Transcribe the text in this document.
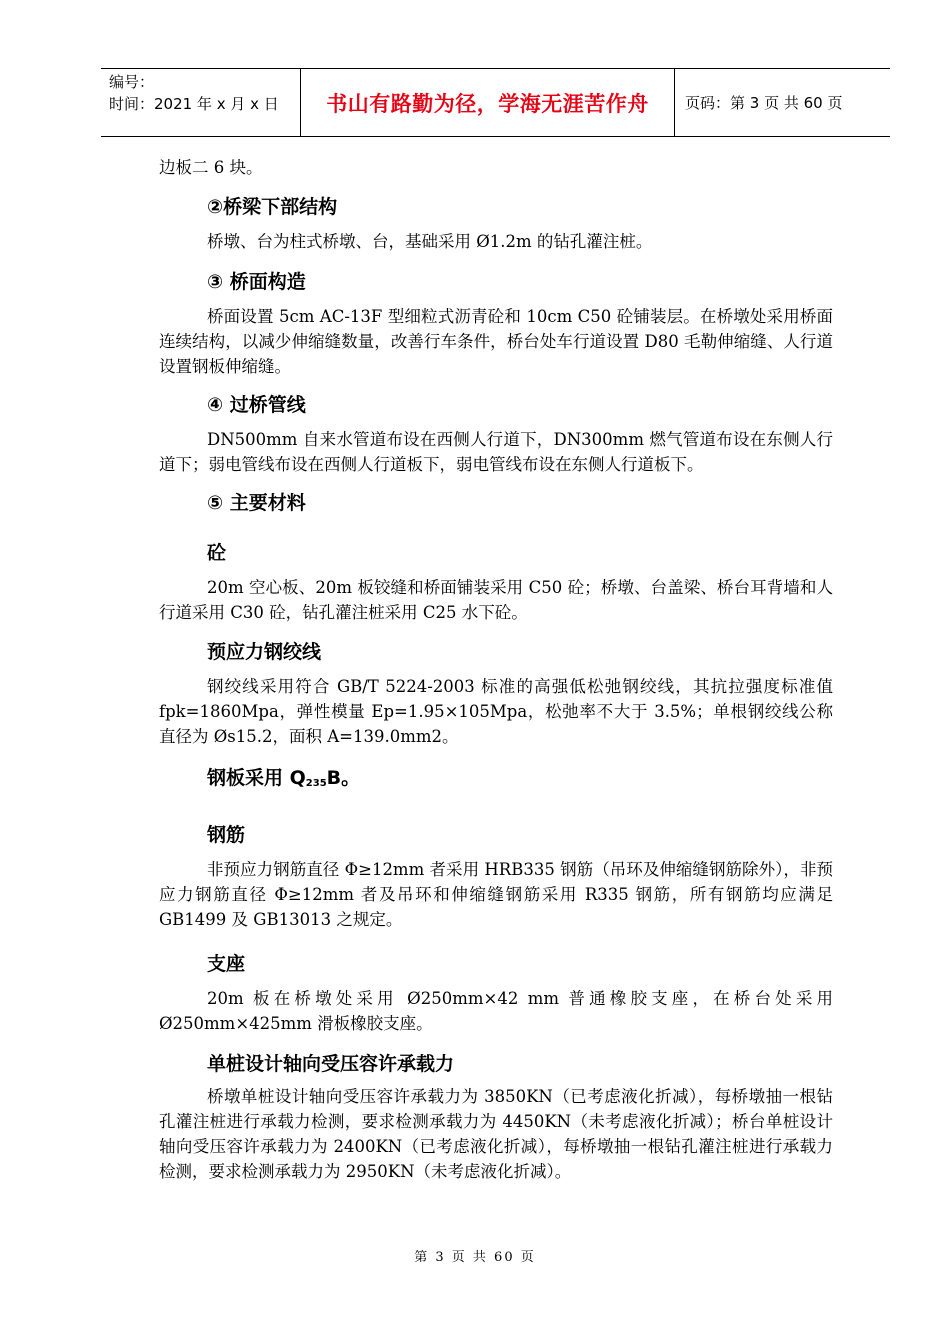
编号：
时间：2021 年 x 月 x 日	书山有路勤为径，学海无涯苦作舟	页码：第 3 页 共 60 页

边板二 6 块。

②桥梁下部结构

桥墩、台为柱式桥墩、台，基础采用 Ø1.2m 的钻孔灌注桩。

③ 桥面构造

桥面设置 5cm AC-13F 型细粒式沥青砼和 10cm C50 砼铺装层。在桥墩处采用桥面连续结构，以减少伸缩缝数量，改善行车条件，桥台处车行道设置 D80 毛勒伸缩缝、人行道设置钢板伸缩缝。

④ 过桥管线

DN500mm 自来水管道布设在西侧人行道下，DN300mm 燃气管道布设在东侧人行道下；弱电管线布设在西侧人行道板下，弱电管线布设在东侧人行道板下。

⑤ 主要材料
砼

20m 空心板、20m 板铰缝和桥面铺装采用 C50 砼；桥墩、台盖梁、桥台耳背墙和人行道采用 C30 砼，钻孔灌注桩采用 C25 水下砼。

预应力钢绞线

钢绞线采用符合 GB/T 5224-2003 标准的高强低松弛钢绞线，其抗拉强度标准值 fpk=1860Mpa，弹性模量 Ep=1.95×105Mpa，松弛率不大于 3.5%；单根钢绞线公称直径为 Øs15.2，面积 A=139.0mm2。

钢板采用 $Q_{235}B$。
钢筋

非预应力钢筋直径 Φ≥12mm 者采用 HRB335 钢筋（吊环及伸缩缝钢筋除外），非预应力钢筋直径 Φ≥12mm 者及吊环和伸缩缝钢筋采用 R335 钢筋，所有钢筋均应满足 GB1499 及 GB13013 之规定。

支座

20m 板在桥墩处采用 Ø250mm×42 mm 普通橡胶支座，在桥台处采用 Ø250mm×425mm 滑板橡胶支座。

单桩设计轴向受压容许承载力

桥墩单桩设计轴向受压容许承载力为 3850KN（已考虑液化折减），每桥墩抽一根钻孔灌注桩进行承载力检测，要求检测承载力为 4450KN（未考虑液化折减）；桥台单桩设计轴向受压容许承载力为 2400KN（已考虑液化折减），每桥墩抽一根钻孔灌注桩进行承载力检测，要求检测承载力为 2950KN（未考虑液化折减）。

第 3 页 共 60 页
